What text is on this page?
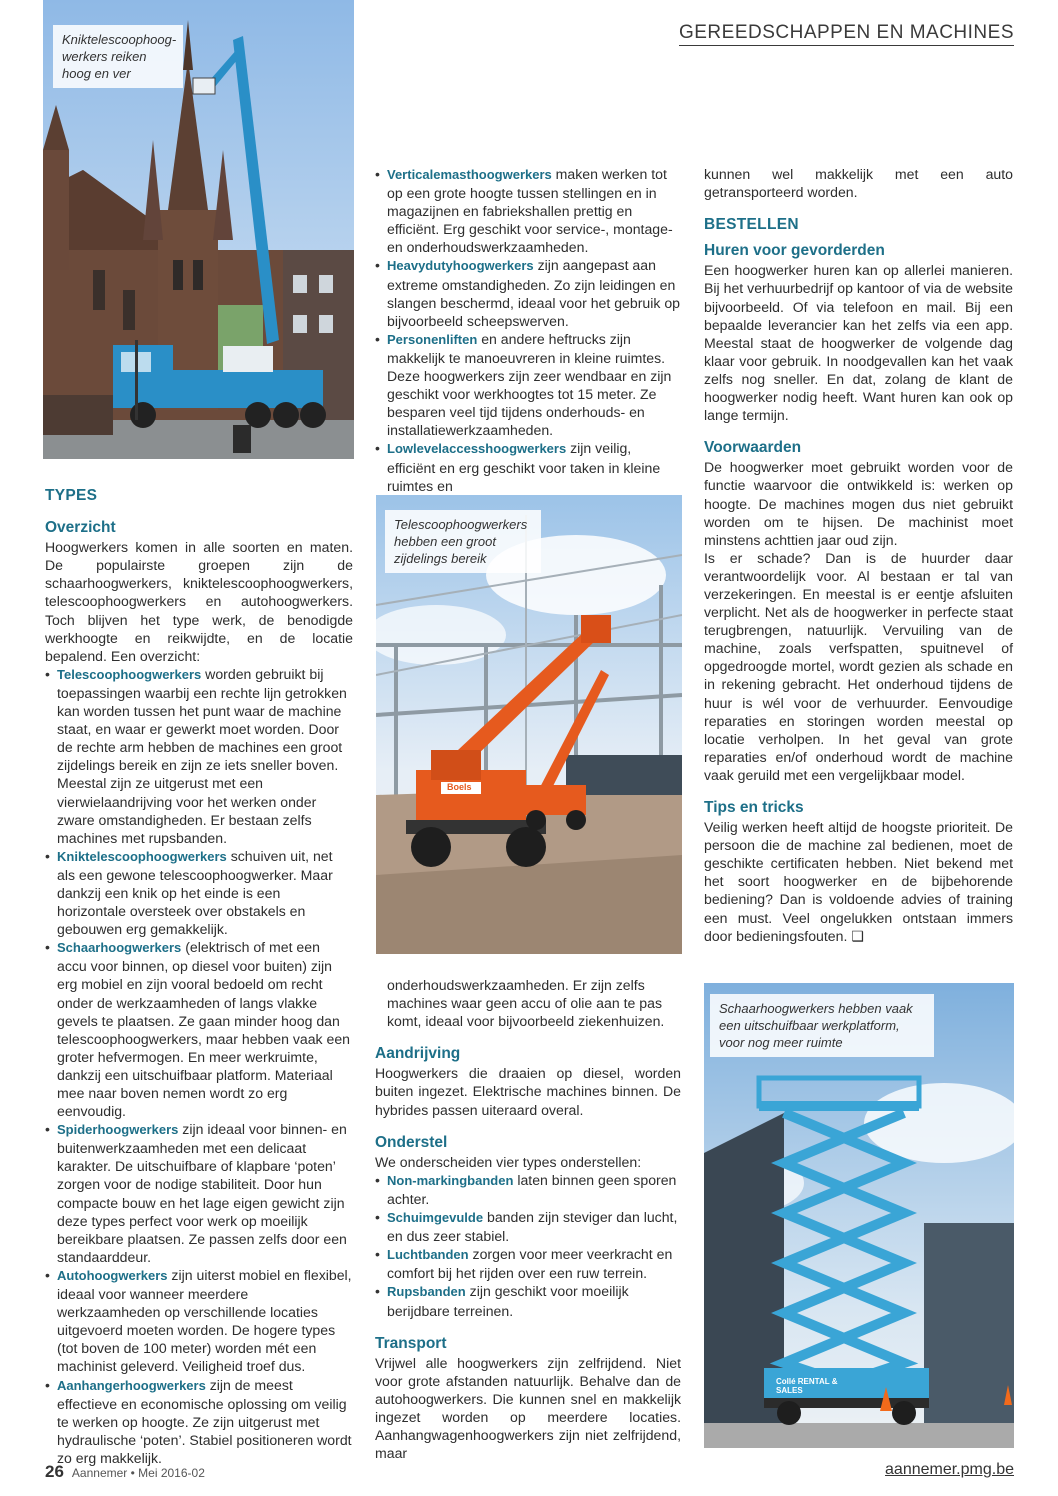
GEREEDSCHAPPEN EN MACHINES
Kniktelescoophoog-
werkers reiken
hoog en ver
Boels
Telescoophoogwerkers
hebben een groot
zijdelings bereik
Collé RENTAL & SALES
Schaarhoogwerkers hebben vaak
een uitschuifbaar werkplatform,
voor nog meer ruimte
TYPES
Overzicht

Hoogwerkers komen in alle soorten en maten. De populairste groepen zijn de schaarhoogwerkers, kniktelescoophoogwerkers, telescoophoogwerkers en autohoogwerkers. Toch blijven het type werk, de benodigde werkhoogte en reikwijdte, en de locatie bepalend. Een overzicht:

• Telescoophoogwerkers worden gebruikt bij toepassingen waarbij een rechte lijn getrokken kan worden tussen het punt waar de machine staat, en waar er gewerkt moet worden. Door de rechte arm hebben de machines een groot zijdelings bereik en zijn ze iets sneller boven. Meestal zijn ze uitgerust met een vierwielaandrijving voor het werken onder zware omstandigheden. Er bestaan zelfs machines met rupsbanden.
• Kniktelescoophoogwerkers schuiven uit, net als een gewone telescoophoogwerker. Maar dankzij een knik op het einde is een horizontale oversteek over obstakels en gebouwen erg gemakkelijk.
• Schaarhoogwerkers (elektrisch of met een accu voor binnen, op diesel voor buiten) zijn erg mobiel en zijn vooral bedoeld om recht onder de werkzaamheden of langs vlakke gevels te plaatsen. Ze gaan minder hoog dan telescoophoogwerkers, maar hebben vaak een groter hefvermogen. En meer werkruimte, dankzij een uitschuifbaar platform. Materiaal mee naar boven nemen wordt zo erg eenvoudig.
• Spiderhoogwerkers zijn ideaal voor binnen- en buitenwerkzaamheden met een delicaat karakter. De uitschuifbare of klapbare ‘poten’ zorgen voor de nodige stabiliteit. Door hun compacte bouw en het lage eigen gewicht zijn deze types perfect voor werk op moeilijk bereikbare plaatsen. Ze passen zelfs door een standaarddeur.
• Autohoogwerkers zijn uiterst mobiel en flexibel, ideaal voor wanneer meerdere werkzaamheden op verschillende locaties uitgevoerd moeten worden. De hogere types (tot boven de 100 meter) worden mét een machinist geleverd. Veiligheid troef dus.
• Aanhangerhoogwerkers zijn de meest effectieve en economische oplossing om veilig te werken op hoogte. Ze zijn uitgerust met hydraulische ‘poten’. Stabiel positioneren wordt zo erg makkelijk.
• Verticalemasthoogwerkers maken werken tot op een grote hoogte tussen stellingen en in magazijnen en fabriekshallen prettig en efficiënt. Erg geschikt voor service-, montage- en onderhoudswerkzaamheden.
• Heavydutyhoogwerkers zijn aangepast aan extreme omstandigheden. Zo zijn leidingen en slangen beschermd, ideaal voor het gebruik op bijvoorbeeld scheepswerven.
• Personenliften en andere heftrucks zijn makkelijk te manoeuvreren in kleine ruimtes. Deze hoogwerkers zijn zeer wendbaar en zijn geschikt voor werkhoogtes tot 15 meter. Ze besparen veel tijd tijdens onderhouds- en installatiewerkzaamheden.
• Lowlevelaccesshoogwerkers zijn veilig, efficiënt en erg geschikt voor taken in kleine ruimtes en

onderhoudswerkzaamheden. Er zijn zelfs machines waar geen accu of olie aan te pas komt, ideaal voor bijvoorbeeld ziekenhuizen.

Aandrijving

Hoogwerkers die draaien op diesel, worden buiten ingezet. Elektrische machines binnen. De hybrides passen uiteraard overal.

Onderstel

We onderscheiden vier types onderstellen:

• Non-markingbanden laten binnen geen sporen achter.
• Schuimgevulde banden zijn steviger dan lucht, en dus zeer stabiel.
• Luchtbanden zorgen voor meer veerkracht en comfort bij het rijden over een ruw terrein.
• Rupsbanden zijn geschikt voor moeilijk berijdbare terreinen.
Transport

Vrijwel alle hoogwerkers zijn zelfrijdend. Niet voor grote afstanden natuurlijk. Behalve dan de autohoogwerkers. Die kunnen snel en makkelijk ingezet worden op meerdere locaties. Aanhangwagenhoogwerkers zijn niet zelfrijdend, maar

kunnen wel makkelijk met een auto getransporteerd worden.

BESTELLEN
Huren voor gevorderden

Een hoogwerker huren kan op allerlei manieren. Bij het verhuurbedrijf op kantoor of via de website bijvoorbeeld. Of via telefoon en mail. Bij een bepaalde leverancier kan het zelfs via een app. Meestal staat de hoogwerker de volgende dag klaar voor gebruik. In noodgevallen kan het vaak zelfs nog sneller. En dat, zolang de klant de hoogwerker nodig heeft. Want huren kan ook op lange termijn.

Voorwaarden

De hoogwerker moet gebruikt worden voor de functie waarvoor die ontwikkeld is: werken op hoogte. De machines mogen dus niet gebruikt worden om te hijsen. De machinist moet minstens achttien jaar oud zijn.

Is er schade? Dan is de huurder daar verantwoordelijk voor. Al bestaan er tal van verzekeringen. En meestal is er eentje afsluiten verplicht. Net als de hoogwerker in perfecte staat terugbrengen, natuurlijk. Vervuiling van de machine, zoals verfspatten, spuitnevel of opgedroogde mortel, wordt gezien als schade en in rekening gebracht. Het onderhoud tijdens de huur is wél voor de verhuurder. Eenvoudige reparaties en storingen worden meestal op locatie verholpen. In het geval van grote reparaties en/of onderhoud wordt de machine vaak geruild met een vergelijkbaar model.

Tips en tricks

Veilig werken heeft altijd de hoogste prioriteit. De persoon die de machine zal bedienen, moet de geschikte certificaten hebben. Niet bekend met het soort hoogwerker en de bijbehorende bediening? Dan is voldoende advies of training een must. Veel ongelukken ontstaan immers door bedieningsfouten. ❑

26 Aannemer • Mei 2016-02	aannemer.pmg.be
